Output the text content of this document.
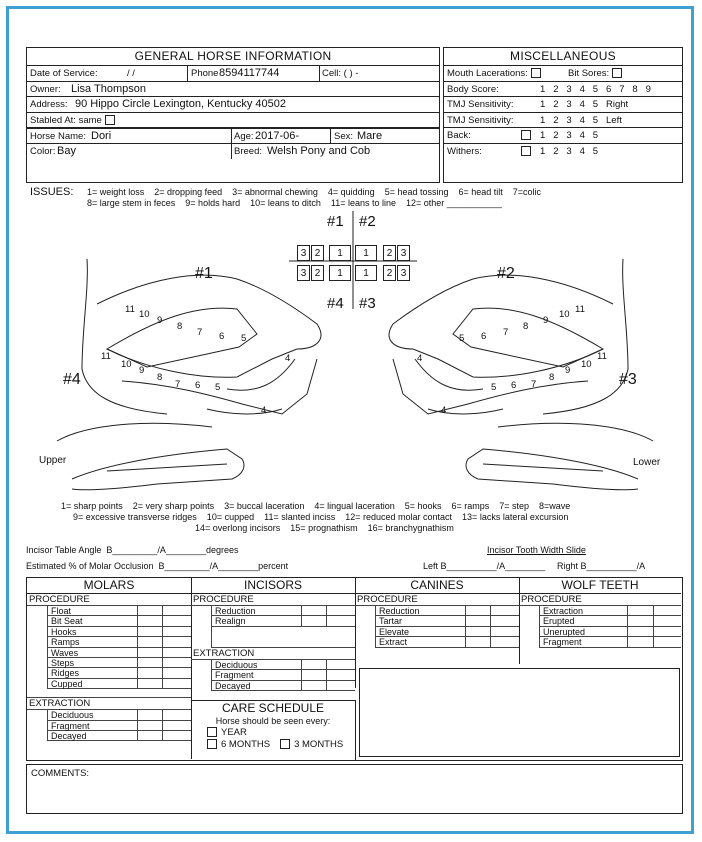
GENERAL HORSE INFORMATION
Date of Service:	/ /	Phone 8594117744	Cell: ( ) -
Owner: Lisa Thompson
Address: 90 Hippo Circle Lexington, Kentucky 40502
Stabled At: same
Horse Name: Dori	Age: 2017-06-	Sex: Mare
Color: Bay	Breed: Welsh Pony and Cob
MISCELLANEOUS
Mouth Lacerations:	Bit Sores:
Body Score:	1   2   3   4   5   6   7   8   9
TMJ Sensitivity:	1   2   3   4   5   Right
TMJ Sensitivity:	1   2   3   4   5   Left
Back:	1   2   3   4   5
Withers:	1   2   3   4   5
ISSUES: 1= weight loss    2= dropping feed    3= abnormal chewing    4= quidding    5= head tossing    6= head tilt    7=colic
8= large stem in feces    9= holds hard    10= leans to ditch    11= leans to line    12= other ___________
#1 #2
#4 #3
#1	#2
#4	#3
Upper	Lower
3 2	1	1	2 3
3 2	1	1	2 3
11 10
9
8
7 6 5
11
10
9
8
7 6 5
4
4
5 6 7
8
9
10 11
5 6 7
8
9
10
11
4
4
1= sharp points    2= very sharp points    3= buccal laceration    4= lingual laceration    5= hooks    6= ramps    7= step    8=wave
9= excessive transverse ridges    10= cupped    11= slanted inciss    12= reduced molar contact    13= lacks lateral excursion
14= overlong incisors    15= prognathism    16= branchygnathism
Incisor Table Angle  B_________/A________degrees	Incisor Tooth Width Slide
Estimated % of Molar Occlusion  B_________/A________percent	Left B__________/A________ Right B__________/A
MOLARS
PROCEDURE
Float
Bit Seat
Hooks
Ramps
Waves
Steps
Ridges
Cupped
EXTRACTION
Deciduous
Fragment
Decayed
INCISORS
PROCEDURE
Reduction
Realign
EXTRACTION
Deciduous
Fragment
Decayed
CARE SCHEDULE
Horse should be seen every:
YEAR
6 MONTHS	3 MONTHS
CANINES
PROCEDURE
Reduction
Tartar
Elevate
Extract
WOLF TEETH
PROCEDURE
Extraction
Erupted
Unerupted
Fragment
COMMENTS:
